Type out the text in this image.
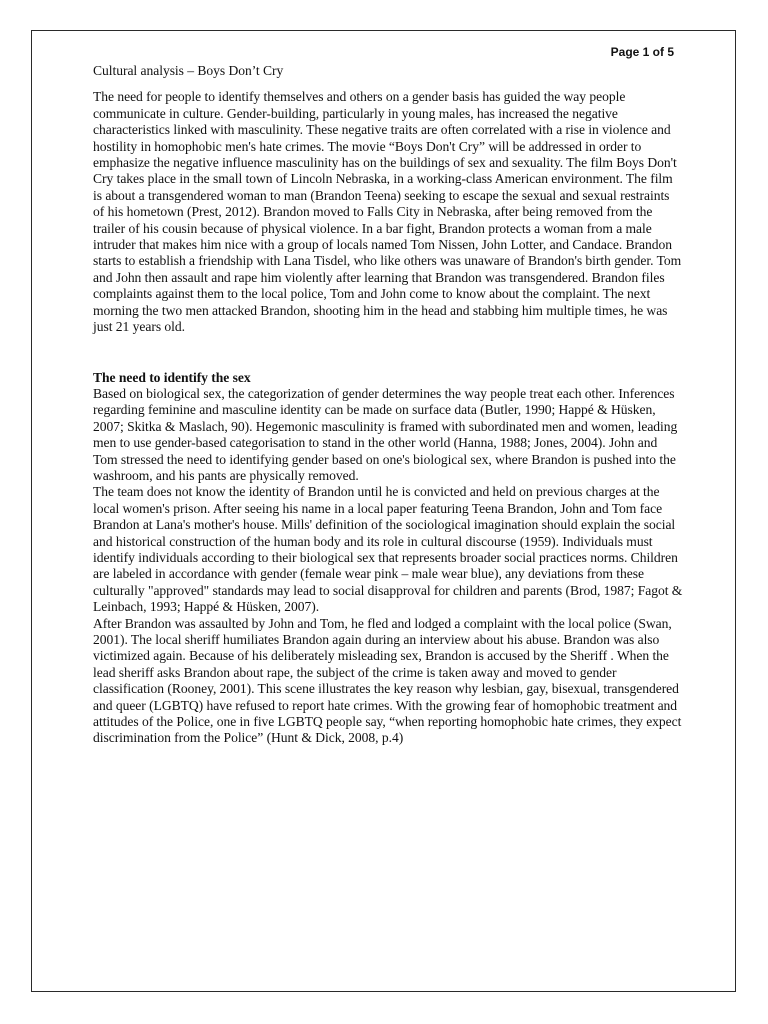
Page 1 of 5
Cultural analysis – Boys Don’t Cry

The need for people to identify themselves and others on a gender basis has guided the way people communicate in culture. Gender-building, particularly in young males, has increased the negative characteristics linked with masculinity. These negative traits are often correlated with a rise in violence and hostility in homophobic men's hate crimes. The movie “Boys Don't Cry” will be addressed in order to emphasize the negative influence masculinity has on the buildings of sex and sexuality. The film Boys Don't Cry takes place in the small town of Lincoln Nebraska, in a working-class American environment. The film is about a transgendered woman to man (Brandon Teena) seeking to escape the sexual and sexual restraints of his hometown (Prest, 2012). Brandon moved to Falls City in Nebraska, after being removed from the trailer of his cousin because of physical violence. In a bar fight, Brandon protects a woman from a male intruder that makes him nice with a group of locals named Tom Nissen, John Lotter, and Candace. Brandon starts to establish a friendship with Lana Tisdel, who like others was unaware of Brandon's birth gender. Tom and John then assault and rape him violently after learning that Brandon was transgendered. Brandon files complaints against them to the local police, Tom and John come to know about the complaint. The next morning the two men attacked Brandon, shooting him in the head and stabbing him multiple times, he was just 21 years old.

The need to identify the sex

Based on biological sex, the categorization of gender determines the way people treat each other. Inferences regarding feminine and masculine identity can be made on surface data (Butler, 1990; Happé & Hüsken, 2007; Skitka & Maslach, 90). Hegemonic masculinity is framed with subordinated men and women, leading men to use gender-based categorisation to stand in the other world (Hanna, 1988; Jones, 2004). John and Tom stressed the need to identifying gender based on one's biological sex, where Brandon is pushed into the washroom, and his pants are physically removed.

The team does not know the identity of Brandon until he is convicted and held on previous charges at the local women's prison. After seeing his name in a local paper featuring Teena Brandon, John and Tom face Brandon at Lana's mother's house. Mills' definition of the sociological imagination should explain the social and historical construction of the human body and its role in cultural discourse (1959). Individuals must identify individuals according to their biological sex that represents broader social practices norms. Children are labeled in accordance with gender (female wear pink – male wear blue), any deviations from these culturally "approved" standards may lead to social disapproval for children and parents (Brod, 1987; Fagot & Leinbach, 1993; Happé & Hüsken, 2007).

After Brandon was assaulted by John and Tom, he fled and lodged a complaint with the local police (Swan, 2001). The local sheriff humiliates Brandon again during an interview about his abuse. Brandon was also victimized again. Because of his deliberately misleading sex, Brandon is accused by the Sheriff . When the lead sheriff asks Brandon about rape, the subject of the crime is taken away and moved to gender classification (Rooney, 2001). This scene illustrates the key reason why lesbian, gay, bisexual, transgendered and queer (LGBTQ) have refused to report hate crimes. With the growing fear of homophobic treatment and attitudes of the Police, one in five LGBTQ people say, “when reporting homophobic hate crimes, they expect discrimination from the Police” (Hunt & Dick, 2008, p.4)
